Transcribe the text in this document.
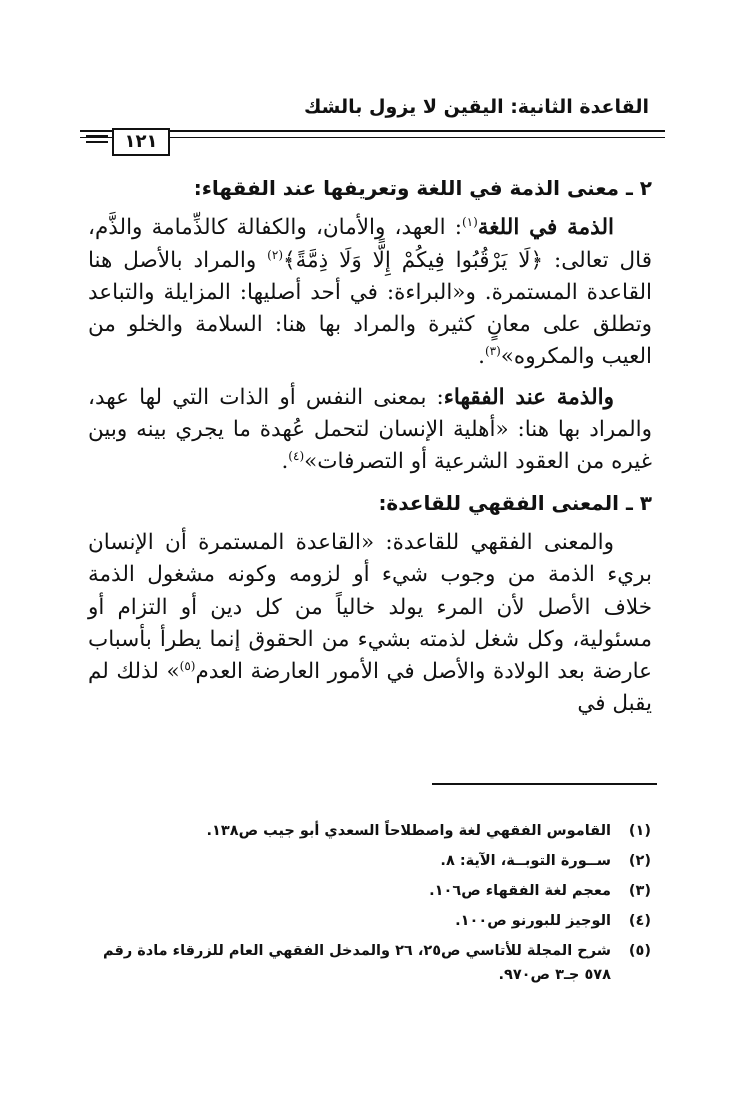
القاعدة الثانية: اليقين لا يزول بالشك
١٢١

٢ ـ معنى الذمة في اللغة وتعريفها عند الفقهاء:

الذمة في اللغة$^{(١)}$: العهد، والأمان، والكفالة كالذِّمامة والذَّم، قال تعالى: ﴿لَا يَرْقُبُوا فِيكُمْ إِلًّا وَلَا ذِمَّةً﴾$^{(٢)}$ والمراد بالأصل هنا القاعدة المستمرة. و«البراءة: في أحد أصليها: المزايلة والتباعد وتطلق على معانٍ كثيرة والمراد بها هنا: السلامة والخلو من العيب والمكروه»$^{(٣)}$.

والذمة عند الفقهاء: بمعنى النفس أو الذات التي لها عهد، والمراد بها هنا: «أهلية الإنسان لتحمل عُهدة ما يجري بينه وبين غيره من العقود الشرعية أو التصرفات»$^{(٤)}$.

٣ ـ المعنى الفقهي للقاعدة:

والمعنى الفقهي للقاعدة: «القاعدة المستمرة أن الإنسان بريء الذمة من وجوب شيء أو لزومه وكونه مشغول الذمة خلاف الأصل لأن المرء يولد خالياً من كل دين أو التزام أو مسئولية، وكل شغل لذمته بشيء من الحقوق إنما يطرأ بأسباب عارضة بعد الولادة والأصل في الأمور العارضة العدم$^{(٥)}$» لذلك لم يقبل في

(١)
القاموس الفقهي لغة واصطلاحاً السعدي أبو جيب ص١٣٨.
(٢)
ســورة التوبــة، الآية: ٨.
(٣)
معجم لغة الفقهاء ص١٠٦.
(٤)
الوجيز للبورنو ص١٠٠.
(٥)
شرح المجلة للأتاسي ص٢٥، ٢٦ والمدخل الفقهي العام للزرقاء مادة رقم ٥٧٨ جـ٣ ص٩٧٠.
